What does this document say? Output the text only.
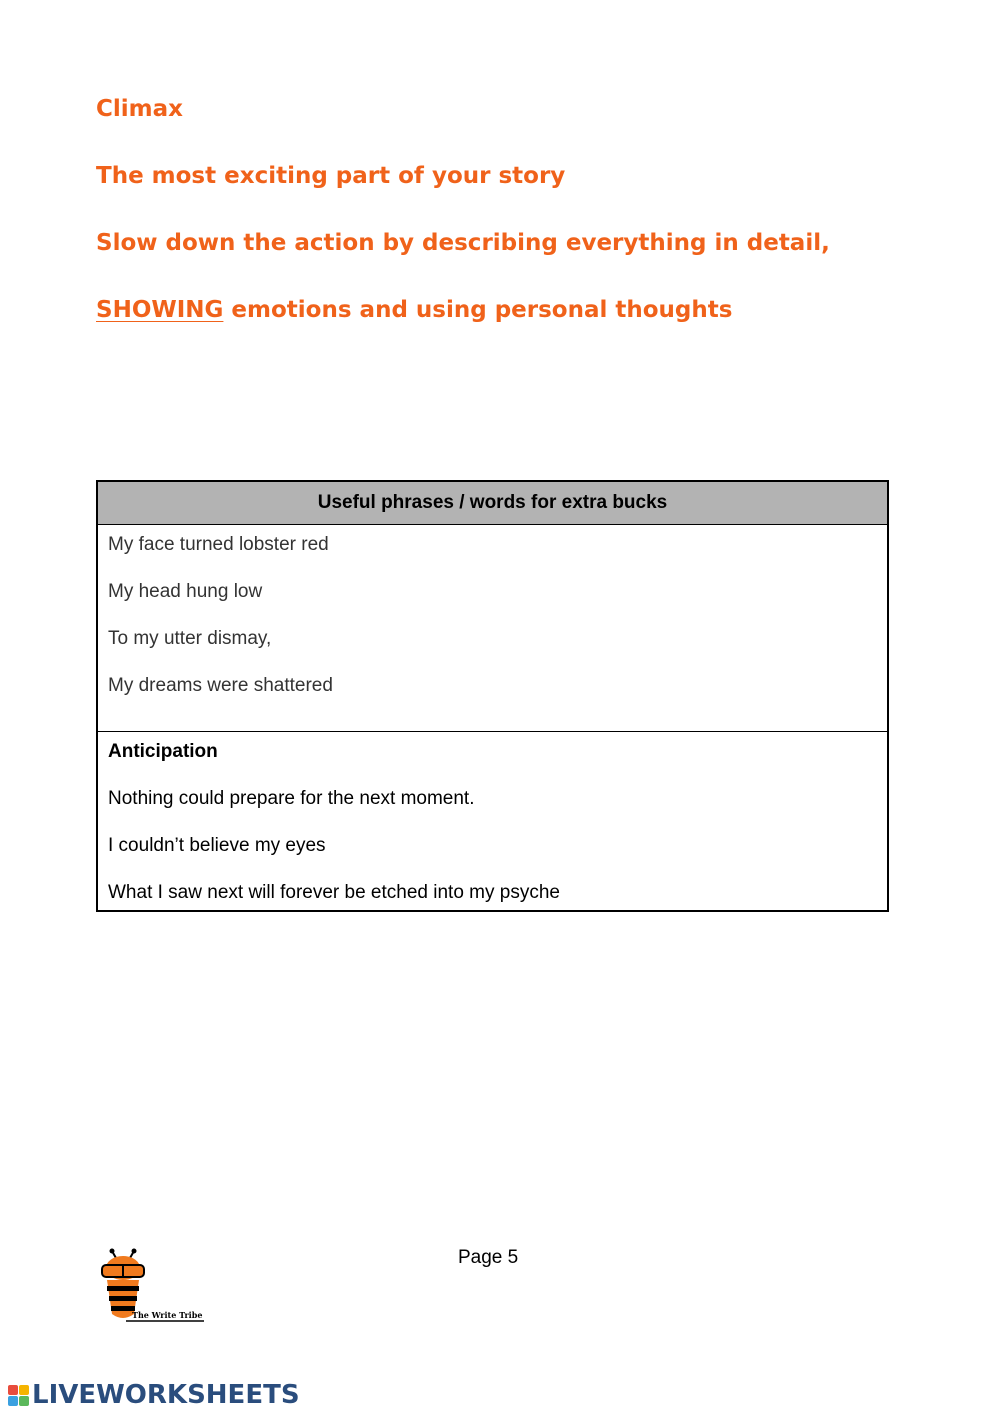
Climax
The most exciting part of your story

Slow down the action by describing everything in detail,

SHOWING emotions and using personal thoughts

Useful phrases / words for extra bucks
My face turned lobster red
My head hung low
To my utter dismay,
My dreams were shattered
Anticipation
Nothing could prepare for the next moment.
I couldn’t believe my eyes
What I saw next will forever be etched into my psyche
Page 5
The Write Tribe
LIVEWORKSHEETS
